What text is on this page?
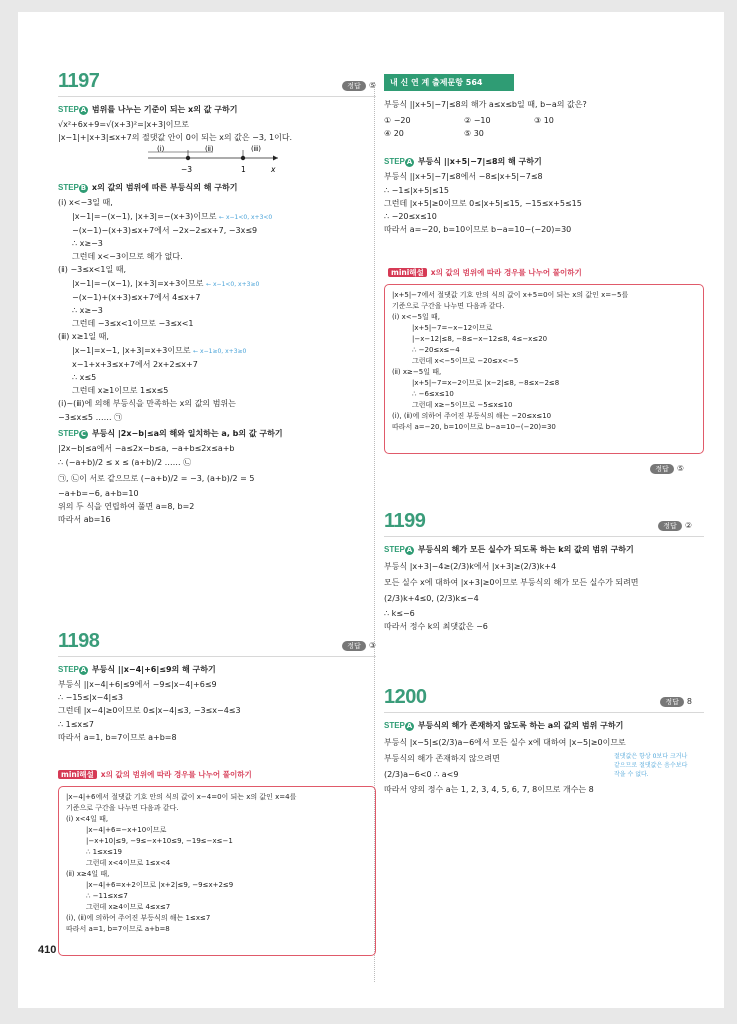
1197	정답 ⑤
STEP A 범위를 나누는 기준이 되는 x의 값 구하기
√x²+6x+9=√(x+3)²=|x+3|이므로
|x−1|+|x+3|≤x+7의 절댓값 안이 0이 되는 x의 값은 −3, 1이다.
(ⅰ)	(ⅱ)	(ⅲ)
−3	1	x
STEP B x의 값의 범위에 따른 부등식의 해 구하기
(ⅰ) x<−3일 때,
|x−1|=−(x−1), |x+3|=−(x+3)이므로 ← x−1<0, x+3<0
−(x−1)−(x+3)≤x+7에서 −2x−2≤x+7, −3x≤9
∴ x≥−3
그런데 x<−3이므로 해가 없다.
(ⅱ) −3≤x<1일 때,
|x−1|=−(x−1), |x+3|=x+3이므로 ← x−1<0, x+3≥0
−(x−1)+(x+3)≤x+7에서 4≤x+7
∴ x≥−3
그런데 −3≤x<1이므로 −3≤x<1
(ⅲ) x≥1일 때,
|x−1|=x−1, |x+3|=x+3이므로 ← x−1≥0, x+3≥0
x−1+x+3≤x+7에서 2x+2≤x+7
∴ x≤5
그런데 x≥1이므로 1≤x≤5
(ⅰ)~(ⅲ)에 의해 부등식을 만족하는 x의 값의 범위는
−3≤x≤5 …… ㉠
STEP C 부등식 |2x−b|≤a의 해와 일치하는 a, b의 값 구하기
|2x−b|≤a에서 −a≤2x−b≤a, −a+b≤2x≤a+b
∴ (−a+b)/2 ≤ x ≤ (a+b)/2 …… ㉡
㉠, ㉡이 서로 같으므로 (−a+b)/2 = −3, (a+b)/2 = 5
−a+b=−6, a+b=10
위의 두 식을 연립하여 풀면 a=8, b=2
따라서 ab=16
1198	정답 ③
STEP A 부등식 ||x−4|+6|≤9의 해 구하기
부등식 ||x−4|+6|≤9에서 −9≤|x−4|+6≤9
∴ −15≤|x−4|≤3
그런데 |x−4|≥0이므로 0≤|x−4|≤3, −3≤x−4≤3
∴ 1≤x≤7
따라서 a=1, b=7이므로 a+b=8
mini해설 x의 값의 범위에 따라 경우를 나누어 풀이하기
|x−4|+6에서 절댓값 기호 안의 식의 값이 x−4=0이 되는 x의 값인 x=4를
기준으로 구간을 나누면 다음과 같다.
(ⅰ) x<4일 때,
|x−4|+6=−x+10이므로
|−x+10|≤9, −9≤−x+10≤9, −19≤−x≤−1
∴ 1≤x≤19
그런데 x<4이므로 1≤x<4
(ⅱ) x≥4일 때,
|x−4|+6=x+2이므로 |x+2|≤9, −9≤x+2≤9
∴ −11≤x≤7
그런데 x≥4이므로 4≤x≤7
(ⅰ), (ⅱ)에 의하여 주어진 부등식의 해는 1≤x≤7
따라서 a=1, b=7이므로 a+b=8
410
내 신 연 계 출제문항 564
부등식 ||x+5|−7|≤8의 해가 a≤x≤b일 때, b−a의 값은?
① −20	② −10	③ 10
④ 20	⑤ 30
STEP A 부등식 ||x+5|−7|≤8의 해 구하기
부등식 ||x+5|−7|≤8에서 −8≤|x+5|−7≤8
∴ −1≤|x+5|≤15
그런데 |x+5|≥0이므로 0≤|x+5|≤15, −15≤x+5≤15
∴ −20≤x≤10
따라서 a=−20, b=10이므로 b−a=10−(−20)=30
mini해설 x의 값의 범위에 따라 경우를 나누어 풀이하기
|x+5|−7에서 절댓값 기호 안의 식의 값이 x+5=0이 되는 x의 값인 x=−5를
기준으로 구간을 나누면 다음과 같다.
(ⅰ) x<−5일 때,
|x+5|−7=−x−12이므로
|−x−12|≤8, −8≤−x−12≤8, 4≤−x≤20
∴ −20≤x≤−4
그런데 x<−5이므로 −20≤x<−5
(ⅱ) x≥−5일 때,
|x+5|−7=x−2이므로 |x−2|≤8, −8≤x−2≤8
∴ −6≤x≤10
그런데 x≥−5이므로 −5≤x≤10
(ⅰ), (ⅱ)에 의하여 주어진 부등식의 해는 −20≤x≤10
따라서 a=−20, b=10이므로 b−a=10−(−20)=30
정답 ⑤
1199	정답 ②
STEP A 부등식의 해가 모든 실수가 되도록 하는 k의 값의 범위 구하기
부등식 |x+3|−4≥(2/3)k에서 |x+3|≥(2/3)k+4
모든 실수 x에 대하여 |x+3|≥0이므로 부등식의 해가 모든 실수가 되려면
(2/3)k+4≤0, (2/3)k≤−4
∴ k≤−6
따라서 정수 k의 최댓값은 −6
1200	정답 8
STEP A 부등식의 해가 존재하지 않도록 하는 a의 값의 범위 구하기
부등식 |x−5|≤(2/3)a−6에서 모든 실수 x에 대하여 |x−5|≥0이므로
부등식의 해가 존재하지 않으려면
(2/3)a−6<0 ∴ a<9
따라서 양의 정수 a는 1, 2, 3, 4, 5, 6, 7, 8이므로 개수는 8
절댓값은 항상 0보다 크거나
같으므로 절댓값은 음수보다
작을 수 없다.
